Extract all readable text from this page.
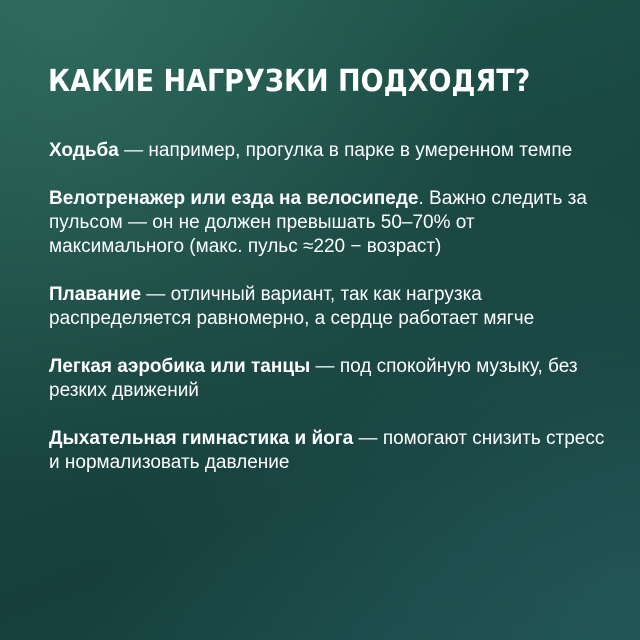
КАКИЕ НАГРУЗКИ ПОДХОДЯТ?

Ходьба — например, прогулка в парке в умеренном темпе

Велотренажер или езда на велосипеде. Важно следить за пульсом — он не должен превышать 50–70% от максимального (макс. пульс ≈220 − возраст)

Плавание — отличный вариант, так как нагрузка распределяется равномерно, а сердце работает мягче

Легкая аэробика или танцы — под спокойную музыку, без резких движений

Дыхательная гимнастика и йога — помогают снизить стресс и нормализовать давление
